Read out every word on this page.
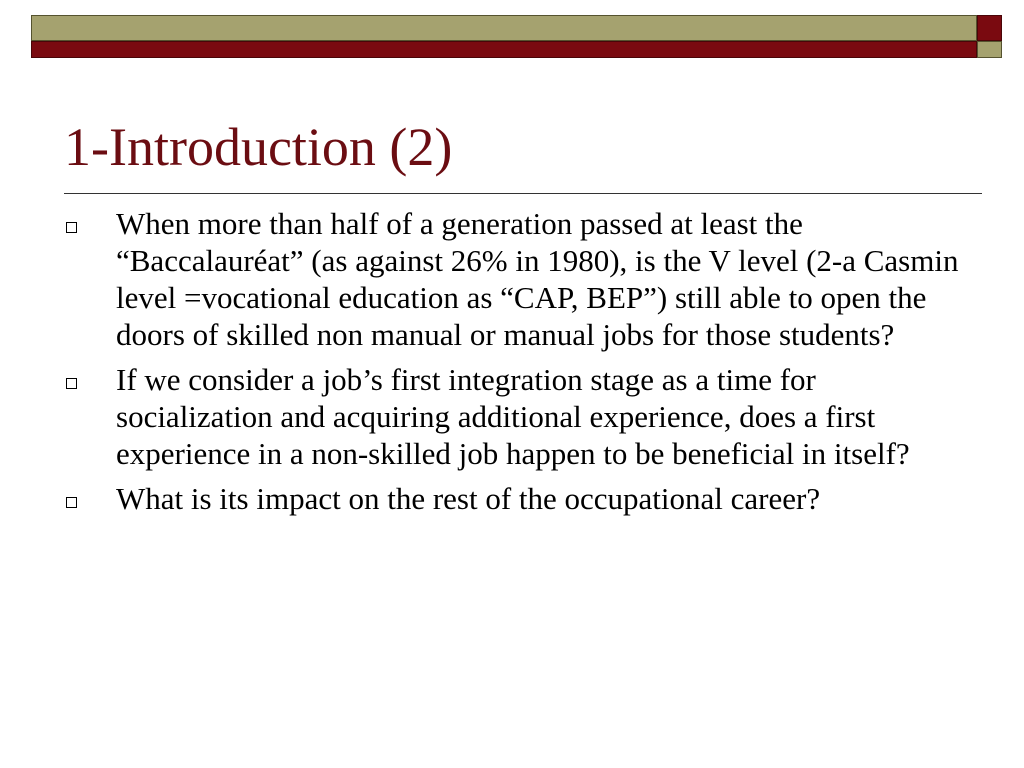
1-Introduction (2)
When more than half of a generation passed at least the “Baccalauréat” (as against 26% in 1980), is the V level (2-a Casmin level =vocational education as “CAP, BEP”) still able to open the doors of skilled non manual or manual jobs for those students?
If we consider a job’s first integration stage as a time for socialization and acquiring additional experience, does a first experience in a non-skilled job happen to be beneficial in itself?
What is its impact on the rest of the occupational career?
